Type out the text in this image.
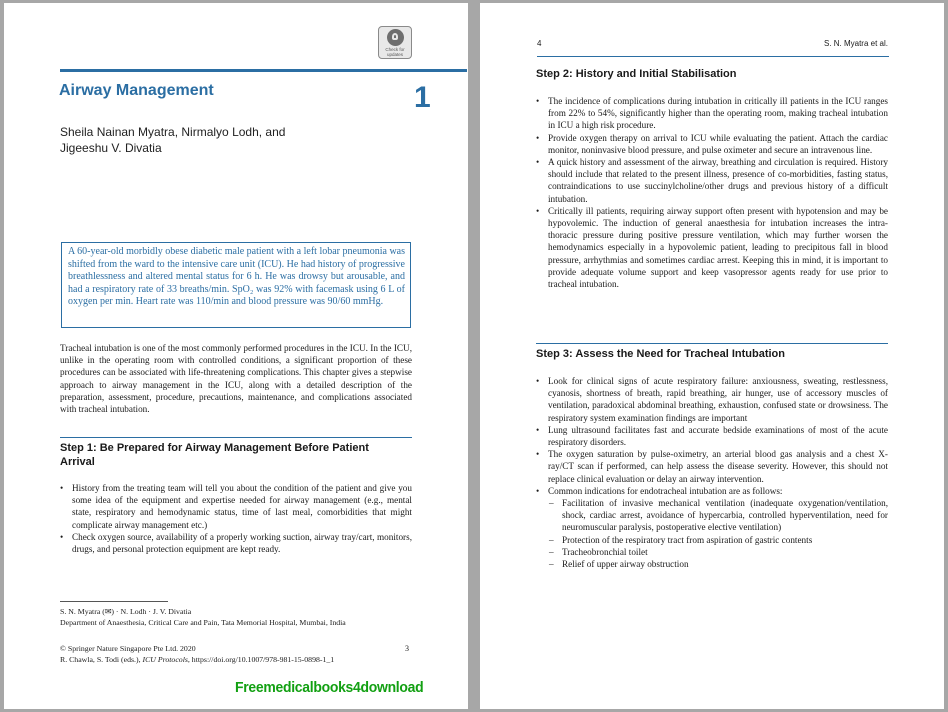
Check for updates
Airway Management	1
Sheila Nainan Myatra, Nirmalyo Lodh, and Jigeeshu V. Divatia
A 60-year-old morbidly obese diabetic male patient with a left lobar pneumonia was shifted from the ward to the intensive care unit (ICU). He had history of progressive breathlessness and altered mental status for 6 h. He was drowsy but arousable, and had a respiratory rate of 33 breaths/min. SpO₂ was 92% with facemask using 6 L of oxygen per min. Heart rate was 110/min and blood pressure was 90/60 mmHg.

Tracheal intubation is one of the most commonly performed procedures in the ICU. In the ICU, unlike in the operating room with controlled conditions, a significant proportion of these procedures can be associated with life-threatening complications. This chapter gives a stepwise approach to airway management in the ICU, along with a detailed description of the preparation, assessment, procedure, precautions, maintenance, and complications associated with tracheal intubation.

Step 1: Be Prepared for Airway Management Before Patient Arrival
• History from the treating team will tell you about the condition of the patient and give you some idea of the equipment and expertise needed for airway management (e.g., mental state, respiratory and hemodynamic status, time of last meal, comorbidities that might complicate airway management etc.)
• Check oxygen source, availability of a properly working suction, airway tray/cart, monitors, drugs, and personal protection equipment are kept ready.

S. N. Myatra (✉) · N. Lodh · J. V. Divatia

Department of Anaesthesia, Critical Care and Pain, Tata Memorial Hospital, Mumbai, India

© Springer Nature Singapore Pte Ltd. 2020

R. Chawla, S. Todi (eds.), ICU Protocols, https://doi.org/10.1007/978-981-15-0898-1_1

3
Freemedicalbooks4download
4	S. N. Myatra et al.
Step 2: History and Initial Stabilisation
• The incidence of complications during intubation in critically ill patients in the ICU ranges from 22% to 54%, significantly higher than the operating room, making tracheal intubation in ICU a high risk procedure.
• Provide oxygen therapy on arrival to ICU while evaluating the patient. Attach the cardiac monitor, noninvasive blood pressure, and pulse oximeter and secure an intravenous line.
• A quick history and assessment of the airway, breathing and circulation is required. History should include that related to the present illness, presence of co-morbidities, fasting status, contraindications to use succinylcholine/other drugs and previous history of a difficult intubation.
• Critically ill patients, requiring airway support often present with hypotension and may be hypovolemic. The induction of general anaesthesia for intubation increases the intra-thoracic pressure during positive pressure ventilation, which may further worsen the hemodynamics especially in a hypovolemic patient, leading to precipitous fall in blood pressure, arrhythmias and sometimes cardiac arrest. Keeping this in mind, it is important to provide adequate volume support and keep vasopressor agents ready for use prior to tracheal intubation.
Step 3: Assess the Need for Tracheal Intubation
• Look for clinical signs of acute respiratory failure: anxiousness, sweating, restlessness, cyanosis, shortness of breath, rapid breathing, air hunger, use of accessory muscles of ventilation, paradoxical abdominal breathing, exhaustion, confused state or drowsiness. The respiratory system examination findings are important
• Lung ultrasound facilitates fast and accurate bedside examinations of most of the acute respiratory disorders.
• The oxygen saturation by pulse-oximetry, an arterial blood gas analysis and a chest X-ray/CT scan if performed, can help assess the disease severity. However, this should not replace clinical evaluation or delay an airway intervention.
• Common indications for endotracheal intubation are as follows:
– Facilitation of invasive mechanical ventilation (inadequate oxygenation/ventilation, shock, cardiac arrest, avoidance of hypercarbia, controlled hyperventilation, need for neuromuscular paralysis, postoperative elective ventilation)
– Protection of the respiratory tract from aspiration of gastric contents
– Tracheobronchial toilet
– Relief of upper airway obstruction
